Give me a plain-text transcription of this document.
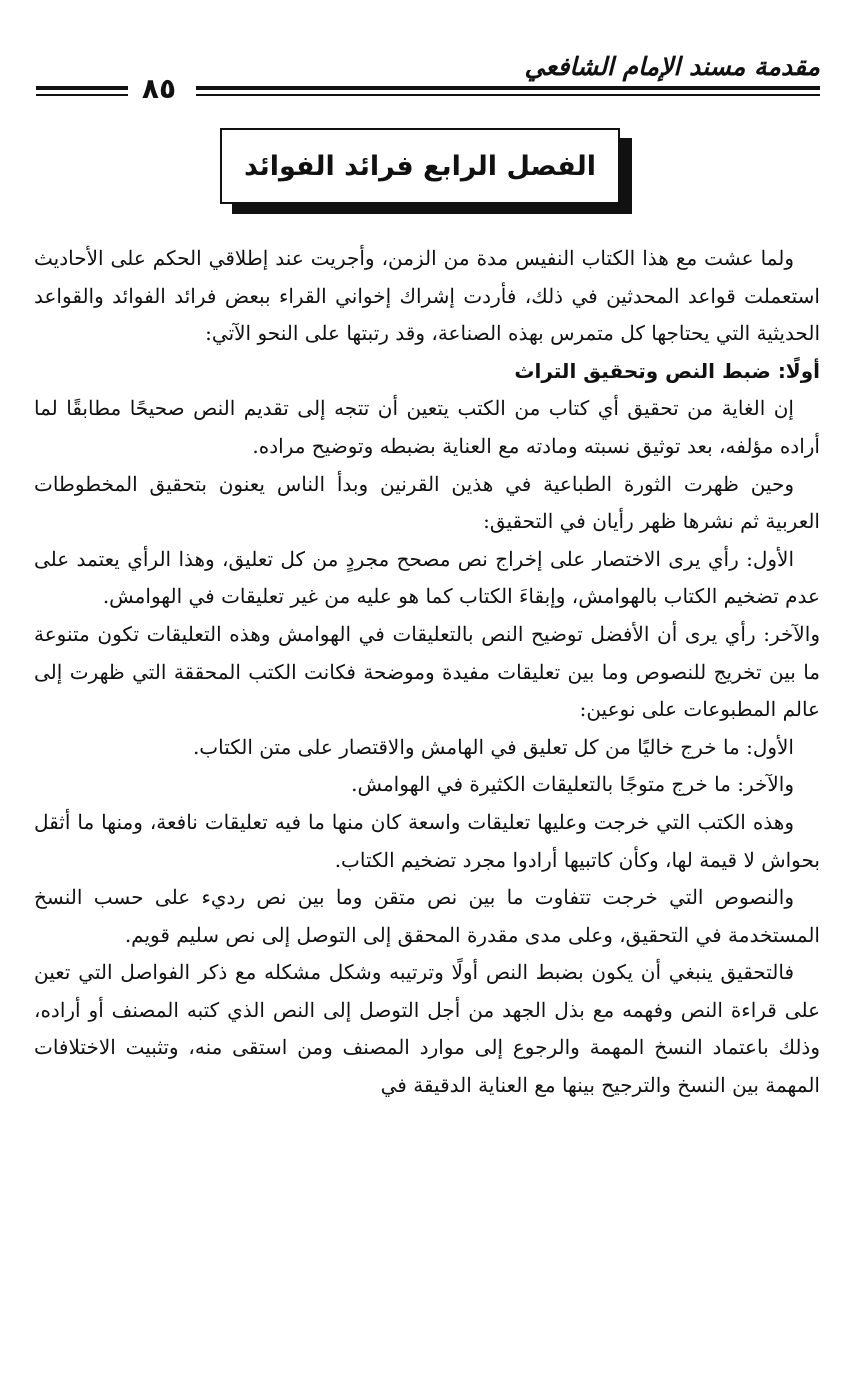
مقدمة مسند الإمام الشافعي
٨٥
الفصل الرابع فرائد الفوائد

ولما عشت مع هذا الكتاب النفيس مدة من الزمن، وأجريت عند إطلاقي الحكم على الأحاديث استعملت قواعد المحدثين في ذلك، فأردت إشراك إخواني القراء ببعض فرائد الفوائد والقواعد الحديثية التي يحتاجها كل متمرس بهذه الصناعة، وقد رتبتها على النحو الآتي:

أولًا: ضبط النص وتحقيق التراث

إن الغاية من تحقيق أي كتاب من الكتب يتعين أن تتجه إلى تقديم النص صحيحًا مطابقًا لما أراده مؤلفه، بعد توثيق نسبته ومادته مع العناية بضبطه وتوضيح مراده.

وحين ظهرت الثورة الطباعية في هذين القرنين وبدأ الناس يعنون بتحقيق المخطوطات العربية ثم نشرها ظهر رأيان في التحقيق:

الأول: رأي يرى الاختصار على إخراج نص مصحح مجردٍ من كل تعليق، وهذا الرأي يعتمد على عدم تضخيم الكتاب بالهوامش، وإبقاءَ الكتاب كما هو عليه من غير تعليقات في الهوامش.

والآخر: رأي يرى أن الأفضل توضيح النص بالتعليقات في الهوامش وهذه التعليقات تكون متنوعة ما بين تخريج للنصوص وما بين تعليقات مفيدة وموضحة فكانت الكتب المحققة التي ظهرت إلى عالم المطبوعات على نوعين:

الأول: ما خرج خاليًا من كل تعليق في الهامش والاقتصار على متن الكتاب.

والآخر: ما خرج متوجًا بالتعليقات الكثيرة في الهوامش.

وهذه الكتب التي خرجت وعليها تعليقات واسعة كان منها ما فيه تعليقات نافعة، ومنها ما أثقل بحواش لا قيمة لها، وكأن كاتبيها أرادوا مجرد تضخيم الكتاب.

والنصوص التي خرجت تتفاوت ما بين نص متقن وما بين نص رديء على حسب النسخ المستخدمة في التحقيق، وعلى مدى مقدرة المحقق إلى التوصل إلى نص سليم قويم.

فالتحقيق ينبغي أن يكون بضبط النص أولًا وترتيبه وشكل مشكله مع ذكر الفواصل التي تعين على قراءة النص وفهمه مع بذل الجهد من أجل التوصل إلى النص الذي كتبه المصنف أو أراده، وذلك باعتماد النسخ المهمة والرجوع إلى موارد المصنف ومن استقى منه، وتثبيت الاختلافات المهمة بين النسخ والترجيح بينها مع العناية الدقيقة في
